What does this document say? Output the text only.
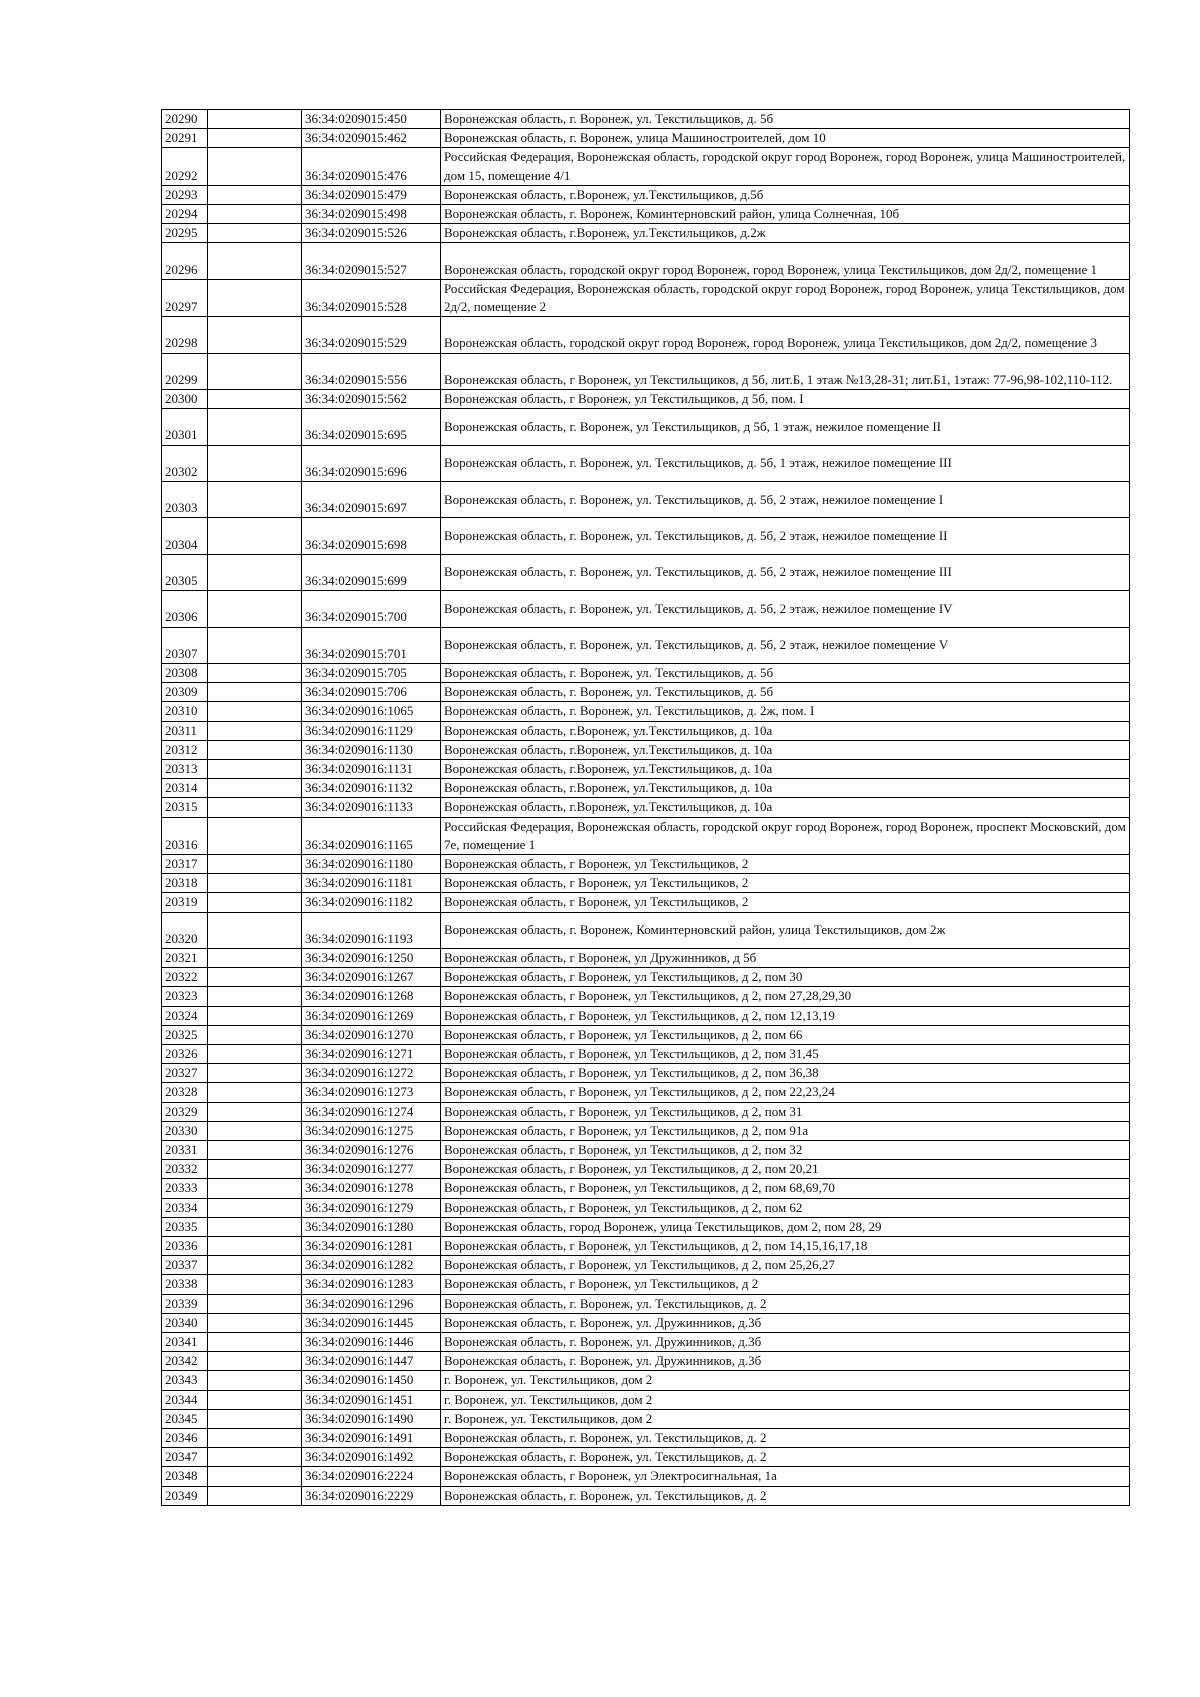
20290		36:34:0209015:450	Воронежская область, г. Воронеж, ул. Текстильщиков, д. 5б
20291		36:34:0209015:462	Воронежская область, г. Воронеж, улица Машиностроителей, дом 10
20292		36:34:0209015:476	Российская Федерация, Воронежская область, городской округ город Воронеж, город Воронеж, улица Машиностроителей, дом 15, помещение 4/1
20293		36:34:0209015:479	Воронежская область, г.Воронеж, ул.Текстильщиков, д.5б
20294		36:34:0209015:498	Воронежская область, г. Воронеж, Коминтерновский район, улица Солнечная, 10б
20295		36:34:0209015:526	Воронежская область, г.Воронеж, ул.Текстильщиков, д.2ж
20296		36:34:0209015:527	Воронежская область, городской округ город Воронеж, город Воронеж, улица Текстильщиков, дом 2д/2, помещение 1
20297		36:34:0209015:528	Российская Федерация, Воронежская область, городской округ город Воронеж, город Воронеж, улица Текстильщиков, дом 2д/2, помещение 2
20298		36:34:0209015:529	Воронежская область, городской округ город Воронеж, город Воронеж, улица Текстильщиков, дом 2д/2, помещение 3
20299		36:34:0209015:556	Воронежская область, г Воронеж, ул Текстильщиков, д 5б, лит.Б, 1 этаж №13,28-31; лит.Б1, 1этаж: 77-96,98-102,110-112.
20300		36:34:0209015:562	Воронежская область, г Воронеж, ул Текстильщиков, д 5б, пом. I
20301		36:34:0209015:695	Воронежская область, г. Воронеж, ул Текстильщиков, д 5б, 1 этаж, нежилое помещение II
20302		36:34:0209015:696	Воронежская область, г. Воронеж, ул. Текстильщиков, д. 5б, 1 этаж, нежилое помещение III
20303		36:34:0209015:697	Воронежская область, г. Воронеж, ул. Текстильщиков, д. 5б, 2 этаж, нежилое помещение I
20304		36:34:0209015:698	Воронежская область, г. Воронеж, ул. Текстильщиков, д. 5б, 2 этаж, нежилое помещение II
20305		36:34:0209015:699	Воронежская область, г. Воронеж, ул. Текстильщиков, д. 5б, 2 этаж, нежилое помещение III
20306		36:34:0209015:700	Воронежская область, г. Воронеж, ул. Текстильщиков, д. 5б, 2 этаж, нежилое помещение IV
20307		36:34:0209015:701	Воронежская область, г. Воронеж, ул. Текстильщиков, д. 5б, 2 этаж, нежилое помещение V
20308		36:34:0209015:705	Воронежская область, г. Воронеж, ул. Текстильщиков, д. 5б
20309		36:34:0209015:706	Воронежская область, г. Воронеж, ул. Текстильщиков, д. 5б
20310		36:34:0209016:1065	Воронежская область, г. Воронеж, ул. Текстильщиков, д. 2ж, пом. I
20311		36:34:0209016:1129	Воронежская область, г.Воронеж, ул.Текстильщиков, д. 10а
20312		36:34:0209016:1130	Воронежская область, г.Воронеж, ул.Текстильщиков, д. 10а
20313		36:34:0209016:1131	Воронежская область, г.Воронеж, ул.Текстильщиков, д. 10а
20314		36:34:0209016:1132	Воронежская область, г.Воронеж, ул.Текстильщиков, д. 10а
20315		36:34:0209016:1133	Воронежская область, г.Воронеж, ул.Текстильщиков, д. 10а
20316		36:34:0209016:1165	Российская Федерация, Воронежская область, городской округ город Воронеж, город Воронеж, проспект Московский, дом 7е, помещение 1
20317		36:34:0209016:1180	Воронежская область, г Воронеж, ул Текстильщиков, 2
20318		36:34:0209016:1181	Воронежская область, г Воронеж, ул Текстильщиков, 2
20319		36:34:0209016:1182	Воронежская область, г Воронеж, ул Текстильщиков, 2
20320		36:34:0209016:1193	Воронежская область, г. Воронеж, Коминтерновский район, улица Текстильщиков, дом 2ж
20321		36:34:0209016:1250	Воронежская область, г Воронеж, ул Дружинников, д 5б
20322		36:34:0209016:1267	Воронежская область, г Воронеж, ул Текстильщиков, д 2, пом 30
20323		36:34:0209016:1268	Воронежская область, г Воронеж, ул Текстильщиков, д 2, пом 27,28,29,30
20324		36:34:0209016:1269	Воронежская область, г Воронеж, ул Текстильщиков, д 2, пом 12,13,19
20325		36:34:0209016:1270	Воронежская область, г Воронеж, ул Текстильщиков, д 2, пом 66
20326		36:34:0209016:1271	Воронежская область, г Воронеж, ул Текстильщиков, д 2, пом 31,45
20327		36:34:0209016:1272	Воронежская область, г Воронеж, ул Текстильщиков, д 2, пом 36,38
20328		36:34:0209016:1273	Воронежская область, г Воронеж, ул Текстильщиков, д 2, пом 22,23,24
20329		36:34:0209016:1274	Воронежская область, г Воронеж, ул Текстильщиков, д 2, пом 31
20330		36:34:0209016:1275	Воронежская область, г Воронеж, ул Текстильщиков, д 2, пом 91а
20331		36:34:0209016:1276	Воронежская область, г Воронеж, ул Текстильщиков, д 2, пом 32
20332		36:34:0209016:1277	Воронежская область, г Воронеж, ул Текстильщиков, д 2, пом 20,21
20333		36:34:0209016:1278	Воронежская область, г Воронеж, ул Текстильщиков, д 2, пом 68,69,70
20334		36:34:0209016:1279	Воронежская область, г Воронеж, ул Текстильщиков, д 2, пом 62
20335		36:34:0209016:1280	Воронежская область, город Воронеж, улица Текстильщиков, дом 2, пом 28, 29
20336		36:34:0209016:1281	Воронежская область, г Воронеж, ул Текстильщиков, д 2, пом 14,15,16,17,18
20337		36:34:0209016:1282	Воронежская область, г Воронеж, ул Текстильщиков, д 2, пом 25,26,27
20338		36:34:0209016:1283	Воронежская область, г Воронеж, ул Текстильщиков, д 2
20339		36:34:0209016:1296	Воронежская область, г. Воронеж, ул. Текстильщиков, д. 2
20340		36:34:0209016:1445	Воронежская область, г. Воронеж, ул. Дружинников, д.3б
20341		36:34:0209016:1446	Воронежская область, г. Воронеж, ул. Дружинников, д.3б
20342		36:34:0209016:1447	Воронежская область, г. Воронеж, ул. Дружинников, д.3б
20343		36:34:0209016:1450	г. Воронеж, ул. Текстильщиков, дом 2
20344		36:34:0209016:1451	г. Воронеж, ул. Текстильщиков, дом 2
20345		36:34:0209016:1490	г. Воронеж, ул. Текстильщиков, дом 2
20346		36:34:0209016:1491	Воронежская область, г. Воронеж, ул. Текстильщиков, д. 2
20347		36:34:0209016:1492	Воронежская область, г. Воронеж, ул. Текстильщиков, д. 2
20348		36:34:0209016:2224	Воронежская область, г Воронеж, ул Электросигнальная, 1а
20349		36:34:0209016:2229	Воронежская область, г. Воронеж, ул. Текстильщиков, д. 2
